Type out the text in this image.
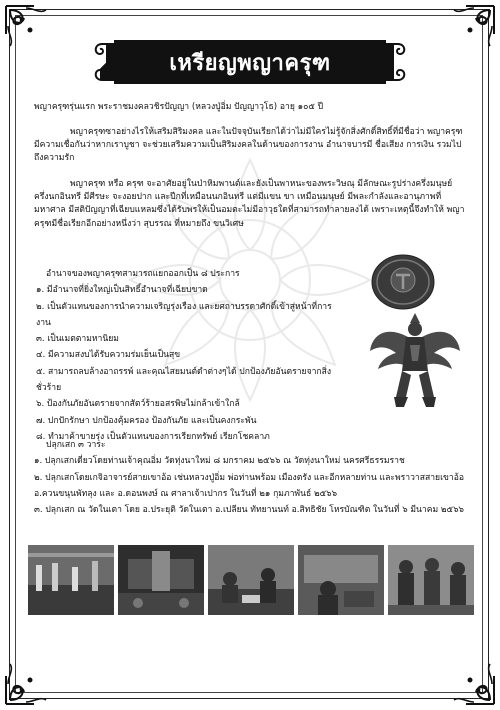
เหรียญพญาครุฑ
พญาครุฑรุ่นแรก พระราชมงคลวชิรปัญญา (หลวงปู่อิ่ม ปัญญาวุโธ) อายุ ๑๐๕ ปี
พญาครุฑซาอย่างไรให้เสริมสิริมงคล และในปัจจุบันเรียกได้ว่าไม่มีใครไม่รู้จักสิ่งศักดิ์สิทธิ์ที่มีชื่อว่า พญาครุฑ มีความเชื่อกันว่าหากเราบูชา จะช่วยเสริมความเป็นสิริมงคลในด้านของการงาน อำนาจบารมี ชื่อเสียง การเงิน รวมไปถึงความรัก
พญาครุฑ หรือ ครุฑ จะอาศัยอยู่ในป่าหิมพานต์และยังเป็นพาหนะของพระวิษณุ มีลักษณะรูปร่างครึ่งมนุษย์ ครึ่งนกอินทรี มีศีรษะ จะงอยปาก และปีกที่เหมือนนกอินทรี แต่มีแขน ขา เหมือนมนุษย์ มีพละกำลังและอานุภาพที่มหาศาล มีสติปัญญาที่เฉียบแหลมซึ่งได้รับพรให้เป็นอมตะไม่มีอาวุธใดที่สามารถทำลายลงได้ เพราะเหตุนี้จึงทำให้ พญาครุฑมีชื่อเรียกอีกอย่างหนึ่งว่า สุบรรณ ที่หมายถึง ขนวิเศษ
อำนาจของพญาครุฑสามารถแยกออกเป็น ๘ ประการ
๑. มีอำนาจที่ยิ่งใหญ่เป็นสิทธิ์อำนาจที่เฉียบขาด
๒. เป็นตัวแทนของการนำความเจริญรุ่งเรือง และยศถาบรรดาศักดิ์เข้าสู่หน้าที่การงาน
๓. เป็นเมตตามหานิยม
๔. มีความสงบได้รับความร่มเย็นเป็นสุข
๕. สามารถลบล้างอาถรรพ์ และคุณไสยมนต์ดำต่างๆได้ ปกป้องภัยอันตรายจากสิ่งชั่วร้าย
๖. ป้องกันภัยอันตรายจากสัตว์ร้ายอสรพิษไม่กล้าเข้าใกล้
๗. ปกปักรักษา ปกป้องคุ้มครอง ป้องกันภัย และเป็นคงกระพัน
๘. ทำมาค้าขายรุ่ง เป็นตัวแทนของการเรียกทรัพย์ เรียกโชคลาภ
ปลุกเสก ๓ วาระ
๑. ปลุกเสกเดี่ยวโดยท่านเจ้าคุณอิ่ม วัดทุ่งนาใหม่ ๘ มกราคม ๒๕๖๖ ณ วัดทุ่งนาใหม่ นครศรีธรรมราช
๒. ปลุกเสกโดยเกจิอาจารย์สายเขาอ้อ เช่นหลวงปู่อิ่ม พ่อท่านพร้อม เมืองตรัง และอีกหลายท่าน และพราวาสสายเขาอ้อ อ.ควนขนุนพัทลุง และ อ.ดอนพงษ์ ณ ศาลาเจ้าเปากร ในวันที่ ๒๑ กุมภาพันธ์ ๒๕๖๖
๓. ปลุกเสก ณ วัดในเตา โดย อ.ประยุติ วัดในเตา อ.เปลียน ทัทยานนท์ อ.สิทธิชัย โหรบัณฑิต ในวันที่ ๖ มีนาคม ๒๕๖๖
